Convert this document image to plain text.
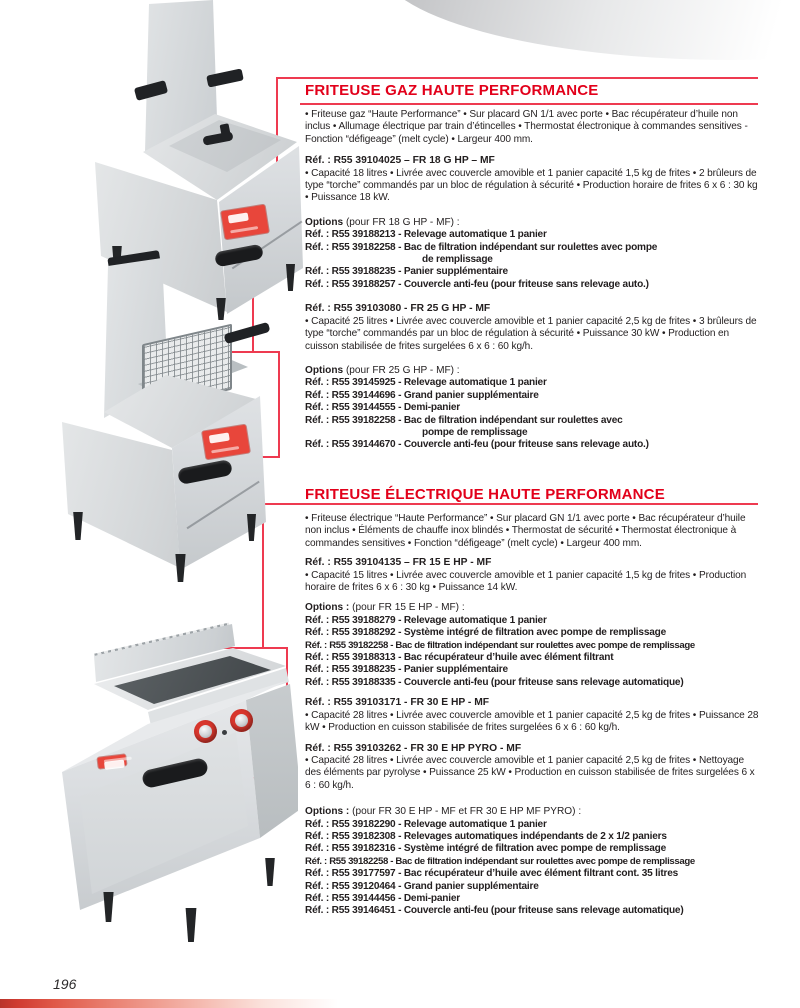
FRITEUSE GAZ HAUTE PERFORMANCE

• Friteuse gaz “Haute Performance” • Sur placard GN 1/1 avec porte • Bac récupérateur d’huile non inclus • Allumage électrique par train d’étincelles • Thermostat électronique à commandes sensitives - Fonction “défigeage” (melt cycle) • Largeur 400 mm.

Réf. : R55 39104025 – FR 18 G HP – MF

• Capacité 18 litres • Livrée avec couvercle amovible et 1 panier capacité 1,5 kg de frites • 2 brûleurs de type “torche” commandés par un bloc de régulation à sécurité • Production horaire de frites 6 x 6 : 30 kg • Puissance 18 kW.

Options (pour FR 18 G HP - MF) :

Réf. : R55 39188213 - Relevage automatique 1 panier
Réf. : R55 39182258 - Bac de filtration indépendant sur roulettes avec pompe
de remplissage
Réf. : R55 39188235 - Panier supplémentaire
Réf. : R55 39188257 - Couvercle anti-feu (pour friteuse sans relevage auto.)

Réf. : R55 39103080 - FR 25 G HP - MF

• Capacité 25 litres • Livrée avec couvercle amovible et 1 panier capacité 2,5 kg de frites • 3 brûleurs de type “torche” commandés par un bloc de régulation à sécurité • Puissance 30 kW • Production en cuisson stabilisée de frites surgelées 6 x 6 : 60 kg/h.

Options (pour FR 25 G HP - MF) :

Réf. : R55 39145925 - Relevage automatique 1 panier
Réf. : R55 39144696 - Grand panier supplémentaire
Réf. : R55 39144555 - Demi-panier
Réf. : R55 39182258 - Bac de filtration indépendant sur roulettes avec
pompe de remplissage
Réf. : R55 39144670 - Couvercle anti-feu (pour friteuse sans relevage auto.)
FRITEUSE ÉLECTRIQUE HAUTE PERFORMANCE

• Friteuse électrique “Haute Performance” • Sur placard GN 1/1 avec porte • Bac récupérateur d’huile non inclus • Éléments de chauffe inox blindés • Thermostat de sécurité • Thermostat électronique à commandes sensitives • Fonction “défigeage” (melt cycle) • Largeur 400 mm.

Réf. : R55 39104135 – FR 15 E HP - MF

• Capacité 15 litres • Livrée avec couvercle amovible et 1 panier capacité 1,5 kg de frites • Production horaire de frites 6 x 6 : 30 kg • Puissance 14 kW.

Options : (pour FR 15 E HP - MF) :

Réf. : R55 39188279 - Relevage automatique 1 panier
Réf. : R55 39188292 - Système intégré de filtration avec pompe de remplissage
Réf. : R55 39182258 - Bac de filtration indépendant sur roulettes avec pompe de remplissage
Réf. : R55 39188313 - Bac récupérateur d’huile avec élément filtrant
Réf. : R55 39188235 - Panier supplémentaire
Réf. : R55 39188335 - Couvercle anti-feu (pour friteuse sans relevage automatique)

Réf. : R55 39103171 - FR 30 E HP - MF

• Capacité 28 litres • Livrée avec couvercle amovible et 1 panier capacité 2,5 kg de frites • Puissance 28 kW • Production en cuisson stabilisée de frites surgelées 6 x 6 : 60 kg/h.

Réf. : R55 39103262 - FR 30 E HP PYRO - MF

• Capacité 28 litres • Livrée avec couvercle amovible et 1 panier capacité 2,5 kg de frites • Nettoyage des éléments par pyrolyse • Puissance 25 kW • Production en cuisson stabilisée de frites surgelées 6 x 6 : 60 kg/h.

Options : (pour FR 30 E HP - MF et FR 30 E HP MF PYRO) :

Réf. : R55 39182290 - Relevage automatique 1 panier
Réf. : R55 39182308 - Relevages automatiques indépendants de 2 x 1/2 paniers
Réf. : R55 39182316 - Système intégré de filtration avec pompe de remplissage
Réf. : R55 39182258 - Bac de filtration indépendant sur roulettes avec pompe de remplissage
Réf. : R55 39177597 - Bac récupérateur d’huile avec élément filtrant cont. 35 litres
Réf. : R55 39120464 - Grand panier supplémentaire
Réf. : R55 39144456 - Demi-panier
Réf. : R55 39146451 - Couvercle anti-feu (pour friteuse sans relevage automatique)
196
